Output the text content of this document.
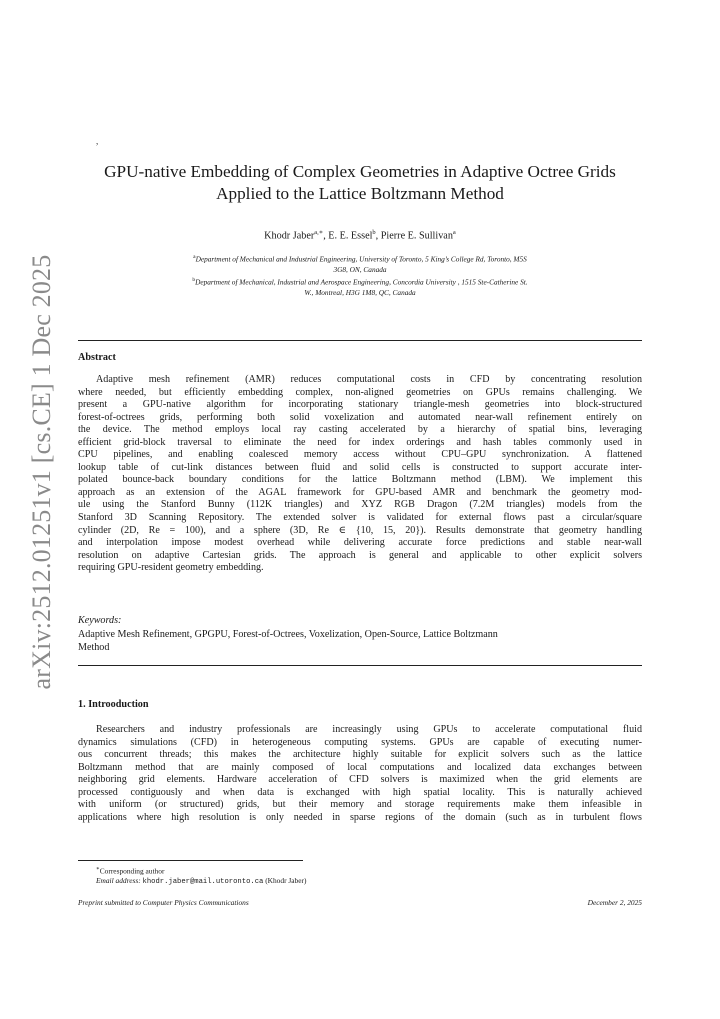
arXiv:2512.01251v1 [cs.CE] 1 Dec 2025
,
GPU-native Embedding of Complex Geometries in Adaptive Octree Grids
Applied to the Lattice Boltzmann Method
Khodr Jaber$^{a,∗}$, E. E. Essel$^b$, Pierre E. Sullivan$^a$
$^a$Department of Mechanical and Industrial Engineering, University of Toronto, 5 King’s College Rd, Toronto, M5S
3G8, ON, Canada
$^b$Department of Mechanical, Industrial and Aerospace Engineering, Concordia University , 1515 Ste-Catherine St.
W., Montreal, H3G 1M8, QC, Canada
Abstract
Adaptive mesh refinement (AMR) reduces computational costs in CFD by concentrating resolution
where needed, but efficiently embedding complex, non-aligned geometries on GPUs remains challenging. We
present a GPU-native algorithm for incorporating stationary triangle-mesh geometries into block-structured
forest-of-octrees grids, performing both solid voxelization and automated near-wall refinement entirely on
the device. The method employs local ray casting accelerated by a hierarchy of spatial bins, leveraging
efficient grid-block traversal to eliminate the need for index orderings and hash tables commonly used in
CPU pipelines, and enabling coalesced memory access without CPU–GPU synchronization. A flattened
lookup table of cut-link distances between fluid and solid cells is constructed to support accurate inter-
polated bounce-back boundary conditions for the lattice Boltzmann method (LBM). We implement this
approach as an extension of the AGAL framework for GPU-based AMR and benchmark the geometry mod-
ule using the Stanford Bunny (112K triangles) and XYZ RGB Dragon (7.2M triangles) models from the
Stanford 3D Scanning Repository. The extended solver is validated for external flows past a circular/square
cylinder (2D, Re = 100), and a sphere (3D, Re ∈ {10, 15, 20}). Results demonstrate that geometry handling
and interpolation impose modest overhead while delivering accurate force predictions and stable near-wall
resolution on adaptive Cartesian grids. The approach is general and applicable to other explicit solvers
requiring GPU-resident geometry embedding.
Keywords:
Adaptive Mesh Refinement, GPGPU, Forest-of-Octrees, Voxelization, Open-Source, Lattice Boltzmann
Method
1. Introoduction
Researchers and industry professionals are increasingly using GPUs to accelerate computational fluid
dynamics simulations (CFD) in heterogeneous computing systems. GPUs are capable of executing numer-
ous concurrent threads; this makes the architecture highly suitable for explicit solvers such as the lattice
Boltzmann method that are mainly composed of local computations and localized data exchanges between
neighboring grid elements. Hardware acceleration of CFD solvers is maximized when the grid elements are
processed contiguously and when data is exchanged with high spatial locality. This is naturally achieved
with uniform (or structured) grids, but their memory and storage requirements make them infeasible in
applications where high resolution is only needed in sparse regions of the domain (such as in turbulent flows
∗Corresponding author
Email address: khodr.jaber@mail.utoronto.ca (Khodr Jaber)
Preprint submitted to Computer Physics Communications	December 2, 2025
